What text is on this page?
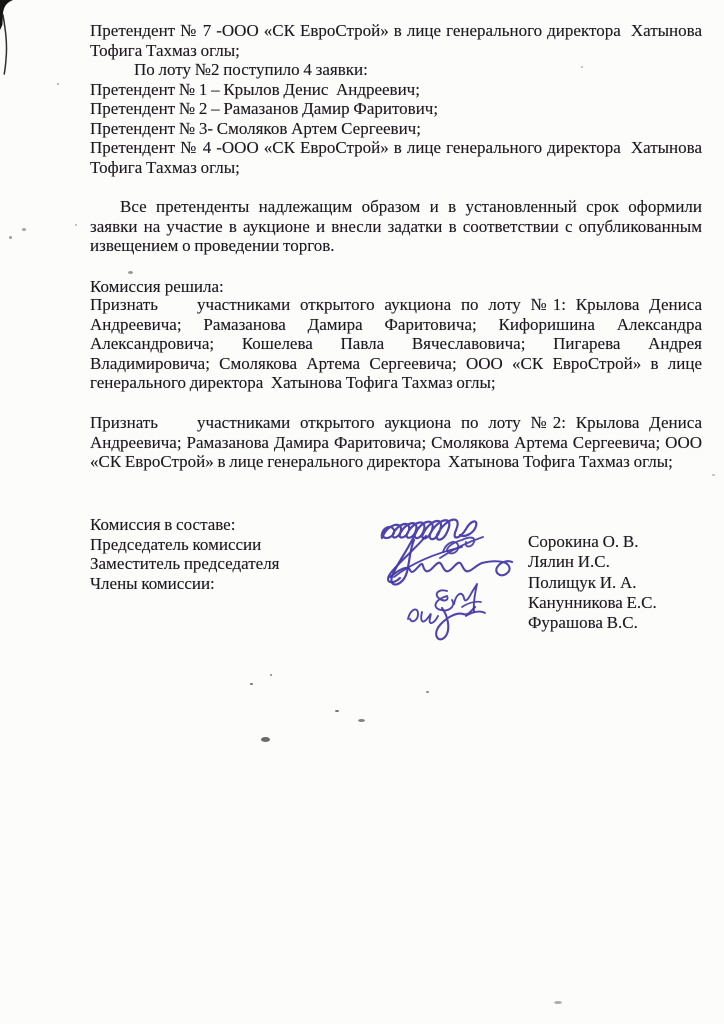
Претендент № 7 -ООО «СК ЕвроСтрой» в лице генерального директора  Хатынова
Тофига Тахмаз оглы;
По лоту №2 поступило 4 заявки:
Претендент № 1 – Крылов Денис  Андреевич;
Претендент № 2 – Рамазанов Дамир Фаритович;
Претендент № 3- Смоляков Артем Сергеевич;
Претендент № 4 -ООО «СК ЕвроСтрой» в лице генерального директора  Хатынова
Тофига Тахмаз оглы;
Все претенденты надлежащим образом и в установленный срок оформили
заявки на участие в аукционе и внесли задатки в соответствии с опубликованным
извещением о проведении торгов.
Комиссия решила:
Признать    участниками открытого аукциона по лоту №1: Крылова Дениса
Андреевича; Рамазанова Дамира Фаритовича; Кифоришина Александра
Александровича; Кошелева Павла Вячеславовича; Пигарева Андрея
Владимировича; Смолякова Артема Сергеевича; ООО «СК ЕвроСтрой» в лице
генерального директора  Хатынова Тофига Тахмаз оглы;
Признать    участниками открытого аукциона по лоту №2: Крылова Дениса
Андреевича; Рамазанова Дамира Фаритовича; Смолякова Артема Сергеевича; ООО
«СК ЕвроСтрой» в лице генерального директора  Хатынова Тофига Тахмаз оглы;
Комиссия в составе:
Председатель комиссии
Заместитель председателя
Члены комиссии:
Сорокина О. В.
Лялин И.С.
Полищук И. А.
Канунникова Е.С.
Фурашова В.С.
